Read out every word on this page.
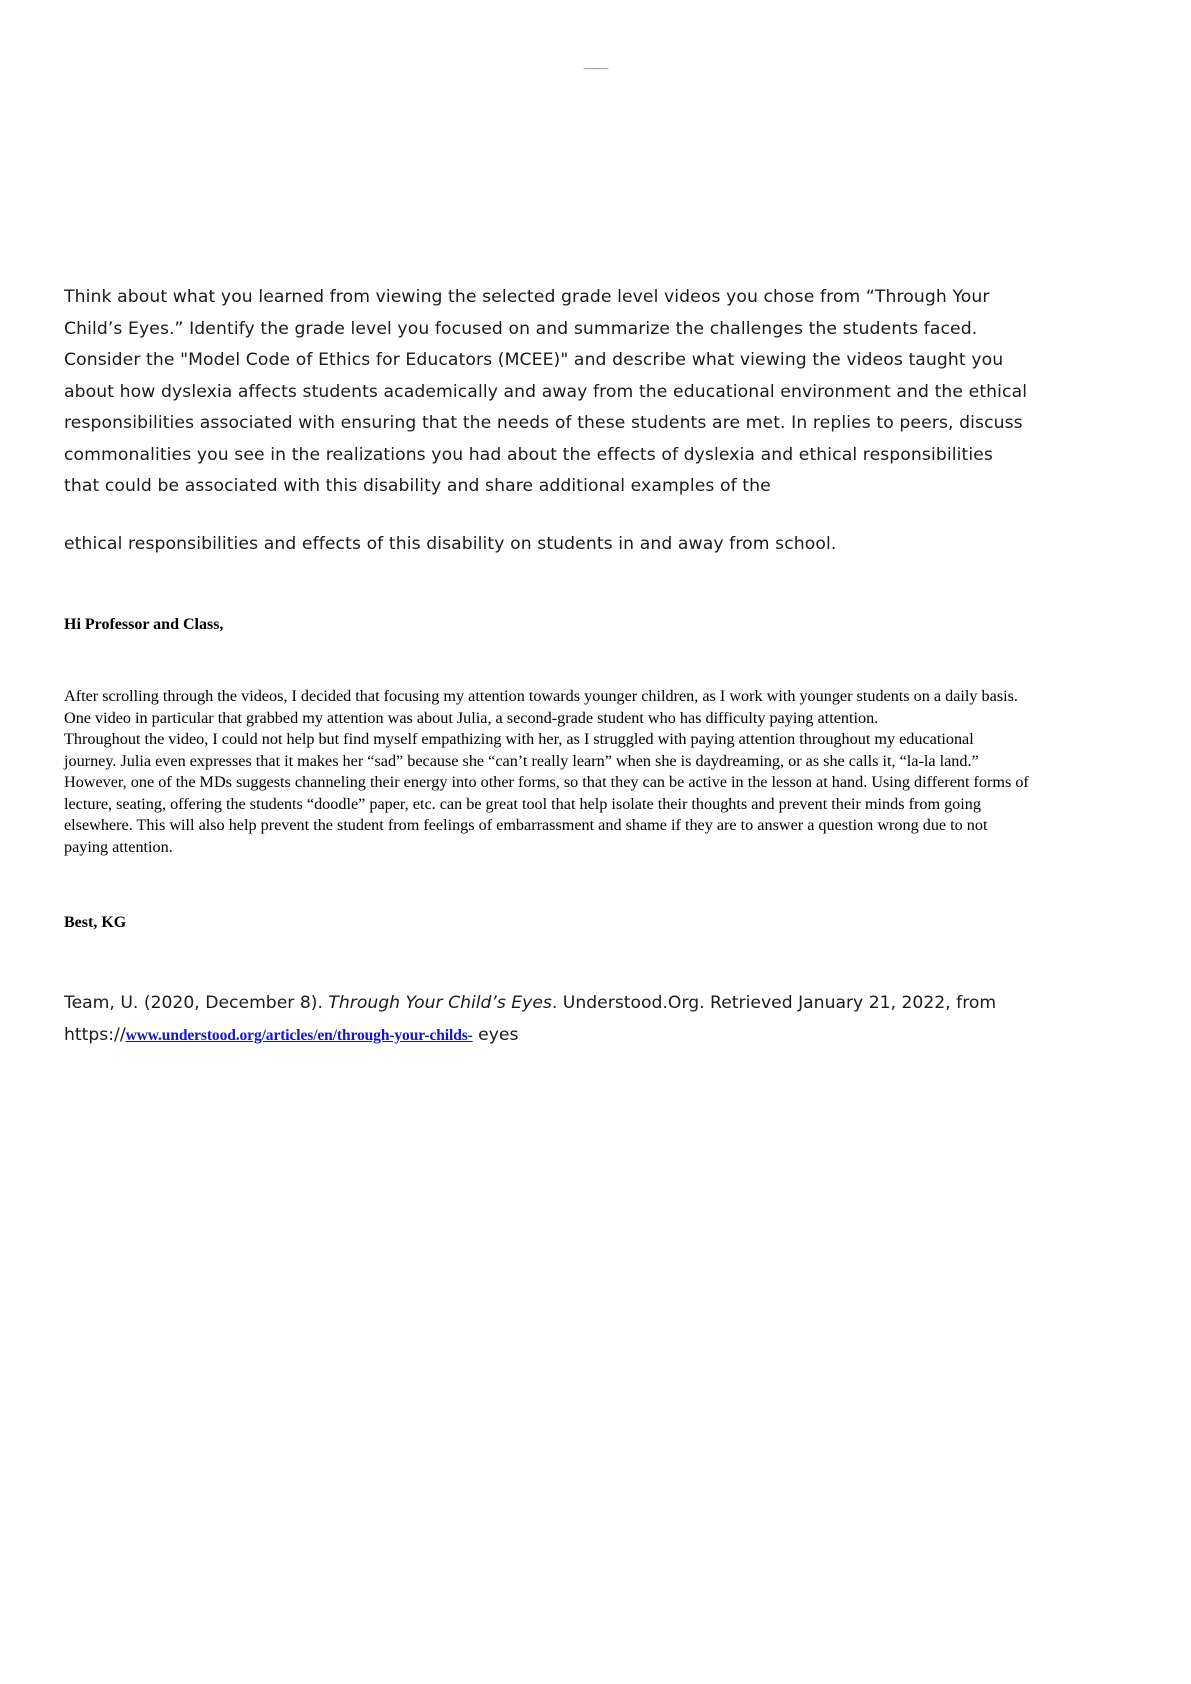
——
Think about what you learned from viewing the selected grade level videos you chose from “Through Your Child’s Eyes.” Identify the grade level you focused on and summarize the challenges the students faced. Consider the "Model Code of Ethics for Educators (MCEE)" and describe what viewing the videos taught you about how dyslexia affects students academically and away from the educational environment and the ethical responsibilities associated with ensuring that the needs of these students are met. In replies to peers, discuss commonalities you see in the realizations you had about the effects of dyslexia and ethical responsibilities that could be associated with this disability and share additional examples of the
ethical responsibilities and effects of this disability on students in and away from school.
Hi Professor and Class,

After scrolling through the videos, I decided that focusing my attention towards younger children, as I work with younger students on a daily basis. One video in particular that grabbed my attention was about Julia, a second-grade student who has difficulty paying attention.

Throughout the video, I could not help but find myself empathizing with her, as I struggled with paying attention throughout my educational journey. Julia even expresses that it makes her “sad” because she “can’t really learn” when she is daydreaming, or as she calls it, “la-la land.” However, one of the MDs suggests channeling their energy into other forms, so that they can be active in the lesson at hand. Using different forms of lecture, seating, offering the students “doodle” paper, etc. can be great tool that help isolate their thoughts and prevent their minds from going elsewhere. This will also help prevent the student from feelings of embarrassment and shame if they are to answer a question wrong due to not paying attention.

Best, KG
Team, U. (2020, December 8). Through Your Child’s Eyes. Understood.Org. Retrieved January 21, 2022, from https://www.understood.org/articles/en/through-your-childs- eyes
